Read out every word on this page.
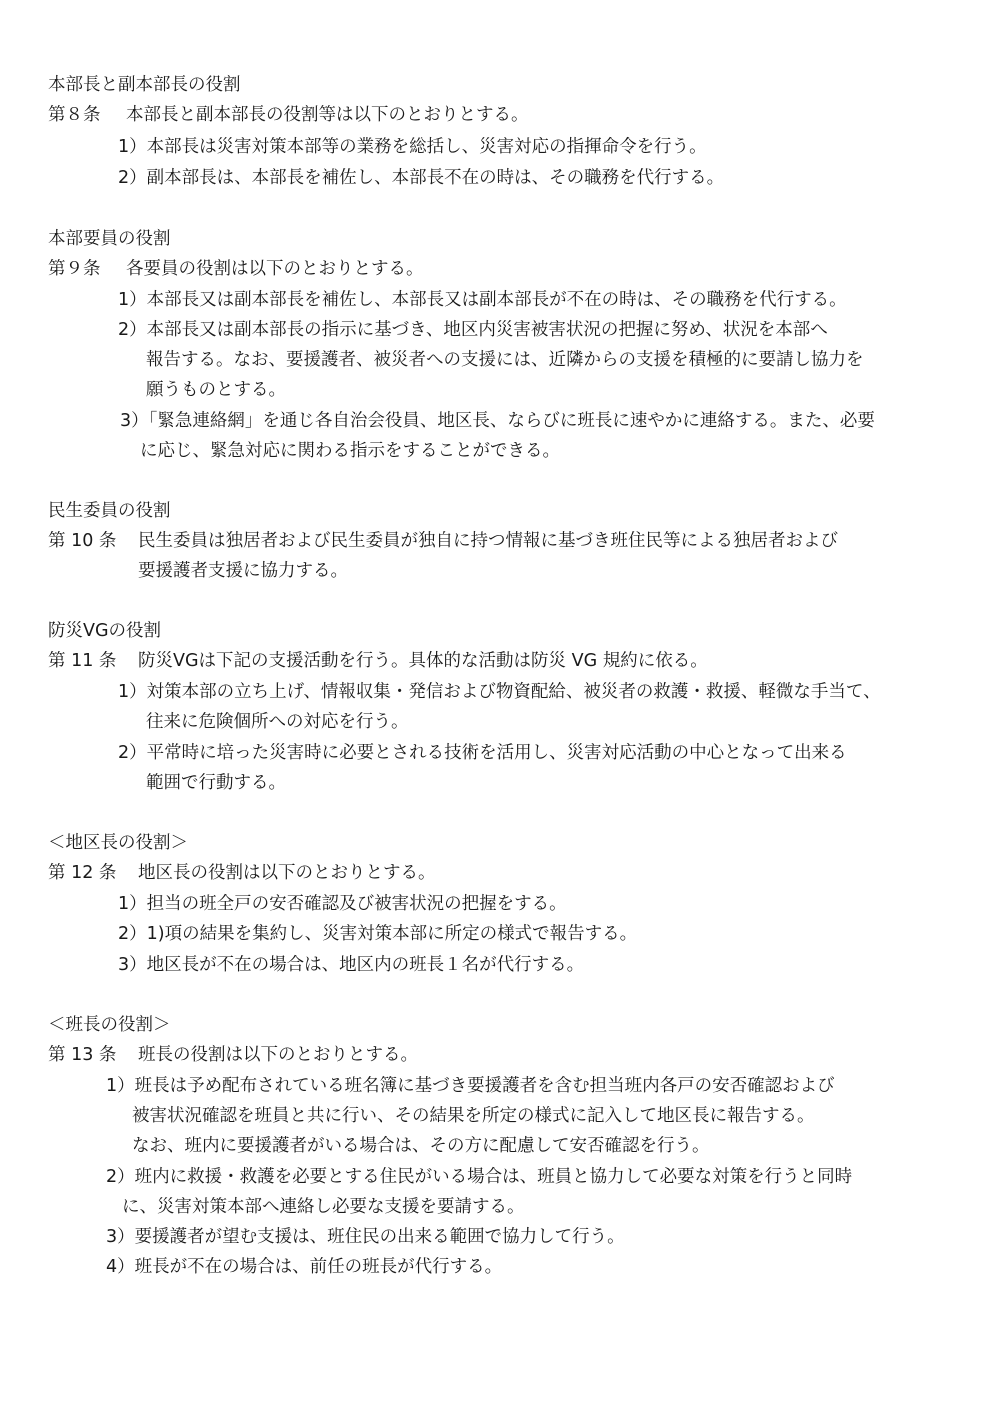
本部長と副本部長の役割
第８条 本部長と副本部長の役割等は以下のとおりとする。
1）本部長は災害対策本部等の業務を総括し、災害対応の指揮命令を行う。
2）副本部長は、本部長を補佐し、本部長不在の時は、その職務を代行する。
本部要員の役割
第９条 各要員の役割は以下のとおりとする。
1）本部長又は副本部長を補佐し、本部長又は副本部長が不在の時は、その職務を代行する。
2）本部長又は副本部長の指示に基づき、地区内災害被害状況の把握に努め、状況を本部へ
報告する。なお、要援護者、被災者への支援には、近隣からの支援を積極的に要請し協力を
願うものとする。
3）「緊急連絡網」を通じ各自治会役員、地区長、ならびに班長に速やかに連絡する。また、必要
に応じ、緊急対応に関わる指示をすることができる。
民生委員の役割
第 10 条 民生委員は独居者および民生委員が独自に持つ情報に基づき班住民等による独居者および
要援護者支援に協力する。
防災VGの役割
第 11 条 防災VGは下記の支援活動を行う。具体的な活動は防災 VG 規約に依る。
1）対策本部の立ち上げ、情報収集・発信および物資配給、被災者の救護・救援、軽微な手当て、
往来に危険個所への対応を行う。
2）平常時に培った災害時に必要とされる技術を活用し、災害対応活動の中心となって出来る
範囲で行動する。
＜地区長の役割＞
第 12 条 地区長の役割は以下のとおりとする。
1）担当の班全戸の安否確認及び被害状況の把握をする。
2）1)項の結果を集約し、災害対策本部に所定の様式で報告する。
3）地区長が不在の場合は、地区内の班長１名が代行する。
＜班長の役割＞
第 13 条 班長の役割は以下のとおりとする。
1）班長は予め配布されている班名簿に基づき要援護者を含む担当班内各戸の安否確認および
被害状況確認を班員と共に行い、その結果を所定の様式に記入して地区長に報告する。
なお、班内に要援護者がいる場合は、その方に配慮して安否確認を行う。
2）班内に救援・救護を必要とする住民がいる場合は、班員と協力して必要な対策を行うと同時
に、災害対策本部へ連絡し必要な支援を要請する。
3）要援護者が望む支援は、班住民の出来る範囲で協力して行う。
4）班長が不在の場合は、前任の班長が代行する。
